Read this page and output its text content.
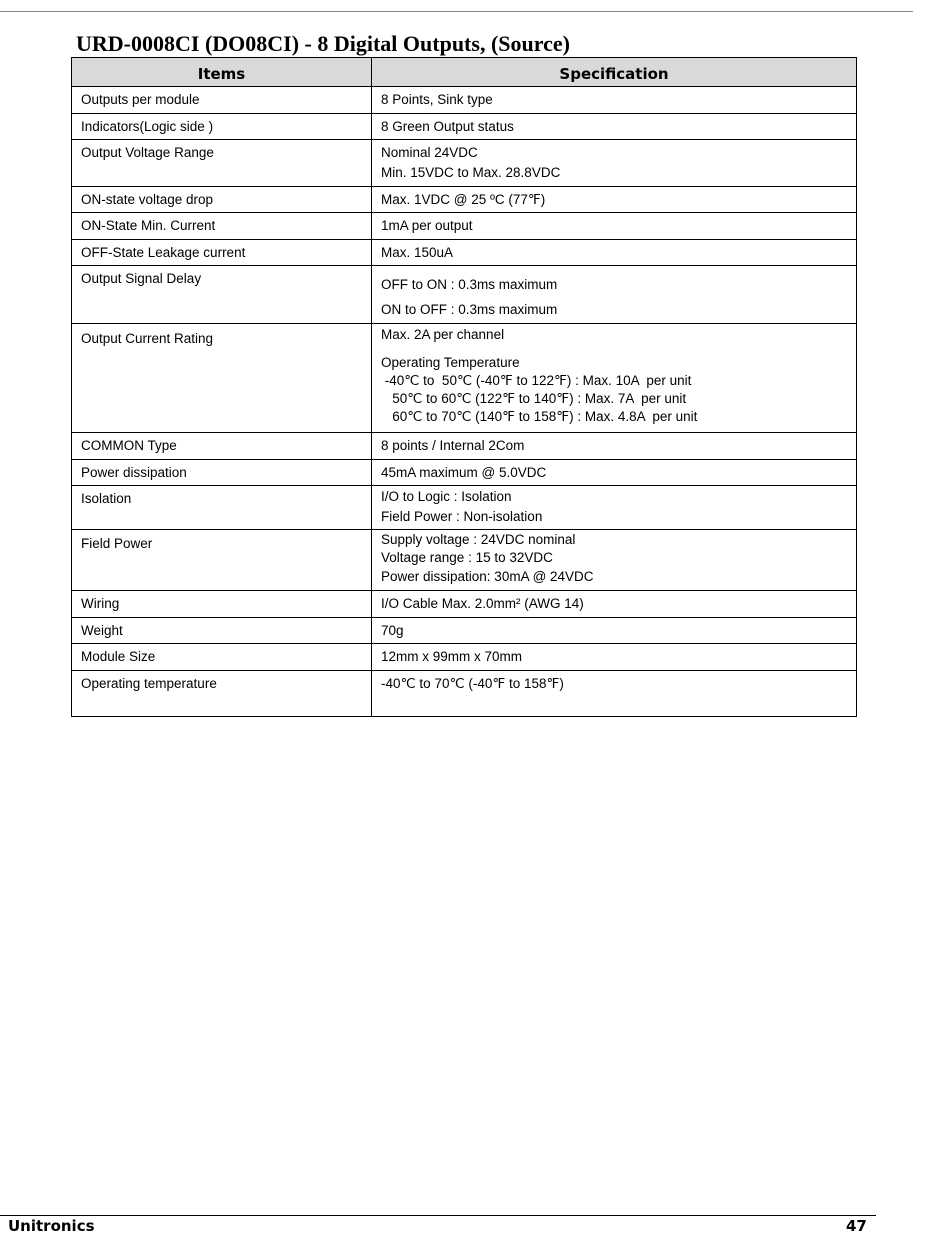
URD-0008CI (DO08CI) - 8 Digital Outputs, (Source)
Items	Specification
Outputs per module	8 Points, Sink type

Indicators(Logic side )	8 Green Output status

Output Voltage Range	Nominal 24VDC
Min. 15VDC to Max. 28.8VDC

ON-state voltage drop	Max. 1VDC @ 25 ºC (77℉)

ON-State Min. Current	1mA per output

OFF-State Leakage current	Max. 150uA

Output Signal Delay	OFF to ON : 0.3ms maximum
ON to OFF : 0.3ms maximum

Output Current Rating	Max. 2A per channel
Operating Temperature
-40℃ to  50℃ (-40℉ to 122℉) : Max. 10A  per unit
50℃ to 60℃ (122℉ to 140℉) : Max. 7A  per unit
60℃ to 70℃ (140℉ to 158℉) : Max. 4.8A  per unit

COMMON Type	8 points / Internal 2Com

Power dissipation	45mA maximum @ 5.0VDC

Isolation	I/O to Logic : Isolation
Field Power : Non-isolation

Field Power	Supply voltage : 24VDC nominal
Voltage range : 15 to 32VDC
Power dissipation: 30mA @ 24VDC

Wiring	I/O Cable Max. 2.0mm² (AWG 14)

Weight	70g

Module Size	12mm x 99mm x 70mm

Operating temperature	-40℃ to 70℃ (-40℉ to 158℉)
Unitronics	47
